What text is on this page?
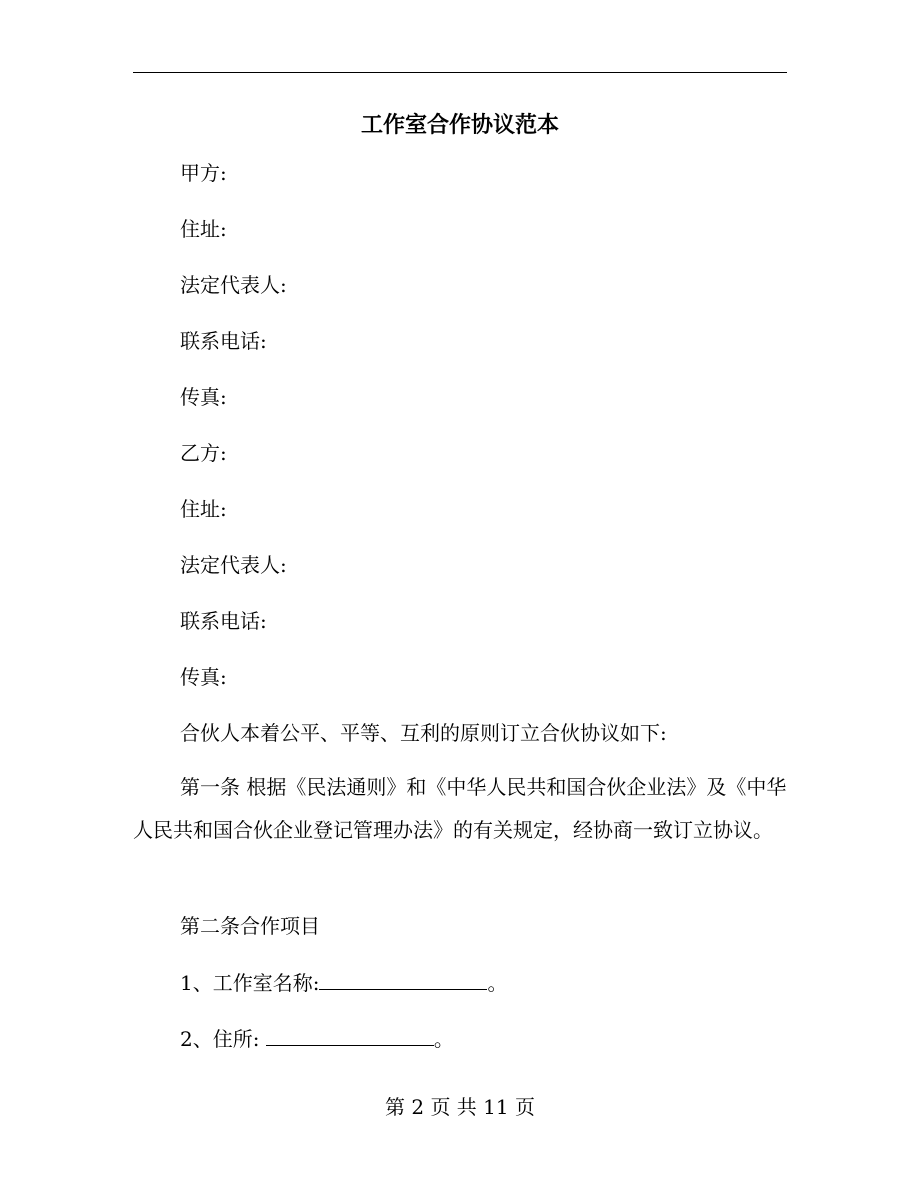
工作室合作协议范本
甲方:
住址:
法定代表人:
联系电话:
传真:
乙方:
住址:
法定代表人:
联系电话:
传真:
合伙人本着公平、平等、互利的原则订立合伙协议如下:
第一条 根据《民法通则》和《中华人民共和国合伙企业法》及《中华人民共和国合伙企业登记管理办法》的有关规定，经协商一致订立协议。
第二条合作项目
1、工作室名称:	。
2、住所:	。
第 2 页 共 11 页
